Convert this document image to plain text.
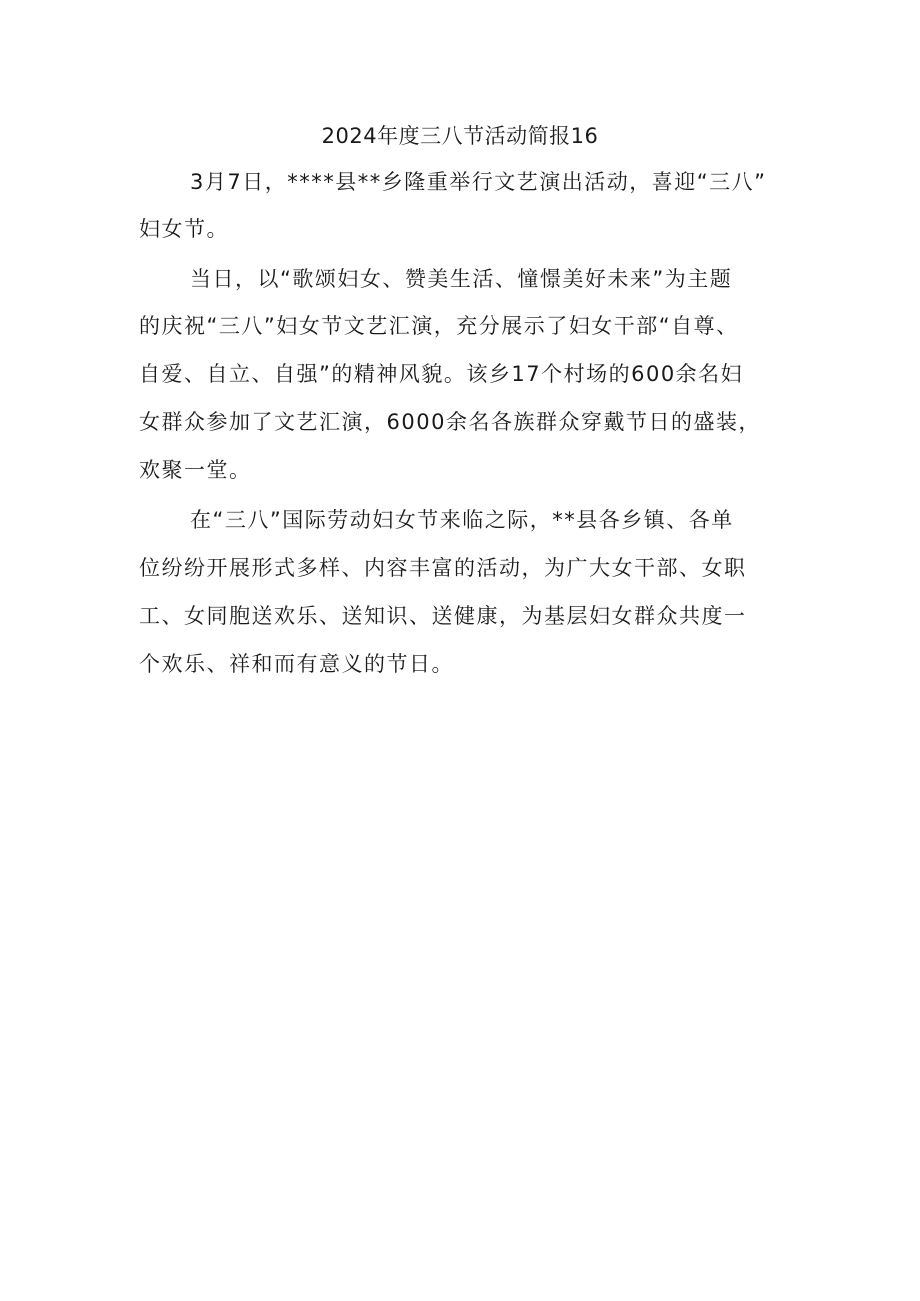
2024年度三八节活动简报16
3月7日，****县**乡隆重举行文艺演出活动，喜迎“三八”
妇女节。
当日，以“歌颂妇女、赞美生活、憧憬美好未来”为主题
的庆祝“三八”妇女节文艺汇演，充分展示了妇女干部“自尊、
自爱、自立、自强”的精神风貌。该乡17个村场的600余名妇
女群众参加了文艺汇演，6000余名各族群众穿戴节日的盛装，
欢聚一堂。
在“三八”国际劳动妇女节来临之际，**县各乡镇、各单
位纷纷开展形式多样、内容丰富的活动，为广大女干部、女职
工、女同胞送欢乐、送知识、送健康，为基层妇女群众共度一
个欢乐、祥和而有意义的节日。
